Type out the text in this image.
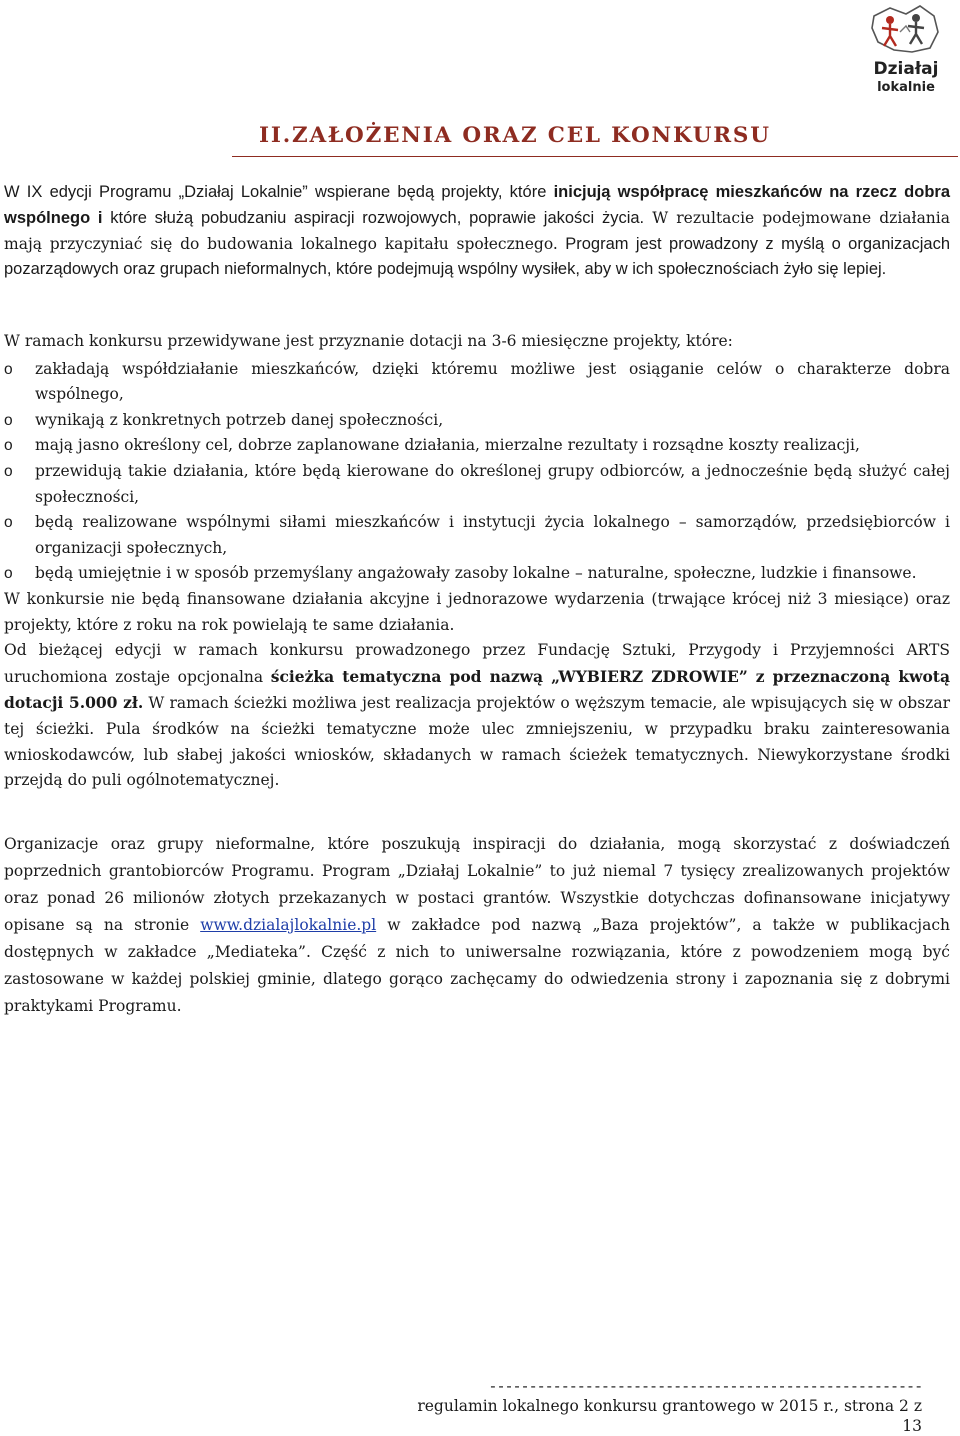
Działaj
lokalnie
II.ZAŁOŻENIA ORAZ CEL KONKURSU

W IX edycji Programu „Działaj Lokalnie” wspierane będą projekty, które inicjują współpracę mieszkańców na rzecz dobra wspólnego i które służą pobudzaniu aspiracji rozwojowych, poprawie jakości życia. W rezultacie podejmowane działania mają przyczyniać się do budowania lokalnego kapitału społecznego. Program jest prowadzony z myślą o organizacjach pozarządowych oraz grupach nieformalnych, które podejmują wspólny wysiłek, aby w ich społecznościach żyło się lepiej.

W ramach konkursu przewidywane jest przyznanie dotacji na 3-6 miesięczne projekty, które:

o zakładają współdziałanie mieszkańców, dzięki któremu możliwe jest osiąganie celów o charakterze dobra wspólnego,
o wynikają z konkretnych potrzeb danej społeczności,
o mają jasno określony cel, dobrze zaplanowane działania, mierzalne rezultaty i rozsądne koszty realizacji,
o przewidują takie działania, które będą kierowane do określonej grupy odbiorców, a jednocześnie będą służyć całej społeczności,
o będą realizowane wspólnymi siłami mieszkańców i instytucji życia lokalnego – samorządów, przedsiębiorców i organizacji społecznych,
o będą umiejętnie i w sposób przemyślany angażowały zasoby lokalne – naturalne, społeczne, ludzkie i finansowe.

W konkursie nie będą finansowane działania akcyjne i jednorazowe wydarzenia (trwające krócej niż 3 miesiące) oraz projekty, które z roku na rok powielają te same działania.

Od bieżącej edycji w ramach konkursu prowadzonego przez Fundację Sztuki, Przygody i Przyjemności ARTS uruchomiona zostaje opcjonalna ścieżka tematyczna pod nazwą „WYBIERZ ZDROWIE” z przeznaczoną kwotą dotacji 5.000 zł. W ramach ścieżki możliwa jest realizacja projektów o węższym temacie, ale wpisujących się w obszar tej ścieżki. Pula środków na ścieżki tematyczne może ulec zmniejszeniu, w przypadku braku zainteresowania wnioskodawców, lub słabej jakości wniosków, składanych w ramach ścieżek tematycznych. Niewykorzystane środki przejdą do puli ogólnotematycznej.

Organizacje oraz grupy nieformalne, które poszukują inspiracji do działania, mogą skorzystać z doświadczeń poprzednich grantobiorców Programu. Program „Działaj Lokalnie” to już niemal 7 tysięcy zrealizowanych projektów oraz ponad 26 milionów złotych przekazanych w postaci grantów. Wszystkie dotychczas dofinansowane inicjatywy opisane są na stronie www.dzialajlokalnie.pl w zakładce pod nazwą „Baza projektów”, a także w publikacjach dostępnych w zakładce „Mediateka”. Część z nich to uniwersalne rozwiązania, które z powodzeniem mogą być zastosowane w każdej polskiej gminie, dlatego gorąco zachęcamy do odwiedzenia strony i zapoznania się z dobrymi praktykami Programu.

------------------------------------------------------
regulamin lokalnego konkursu grantowego w 2015 r., strona 2 z 13
